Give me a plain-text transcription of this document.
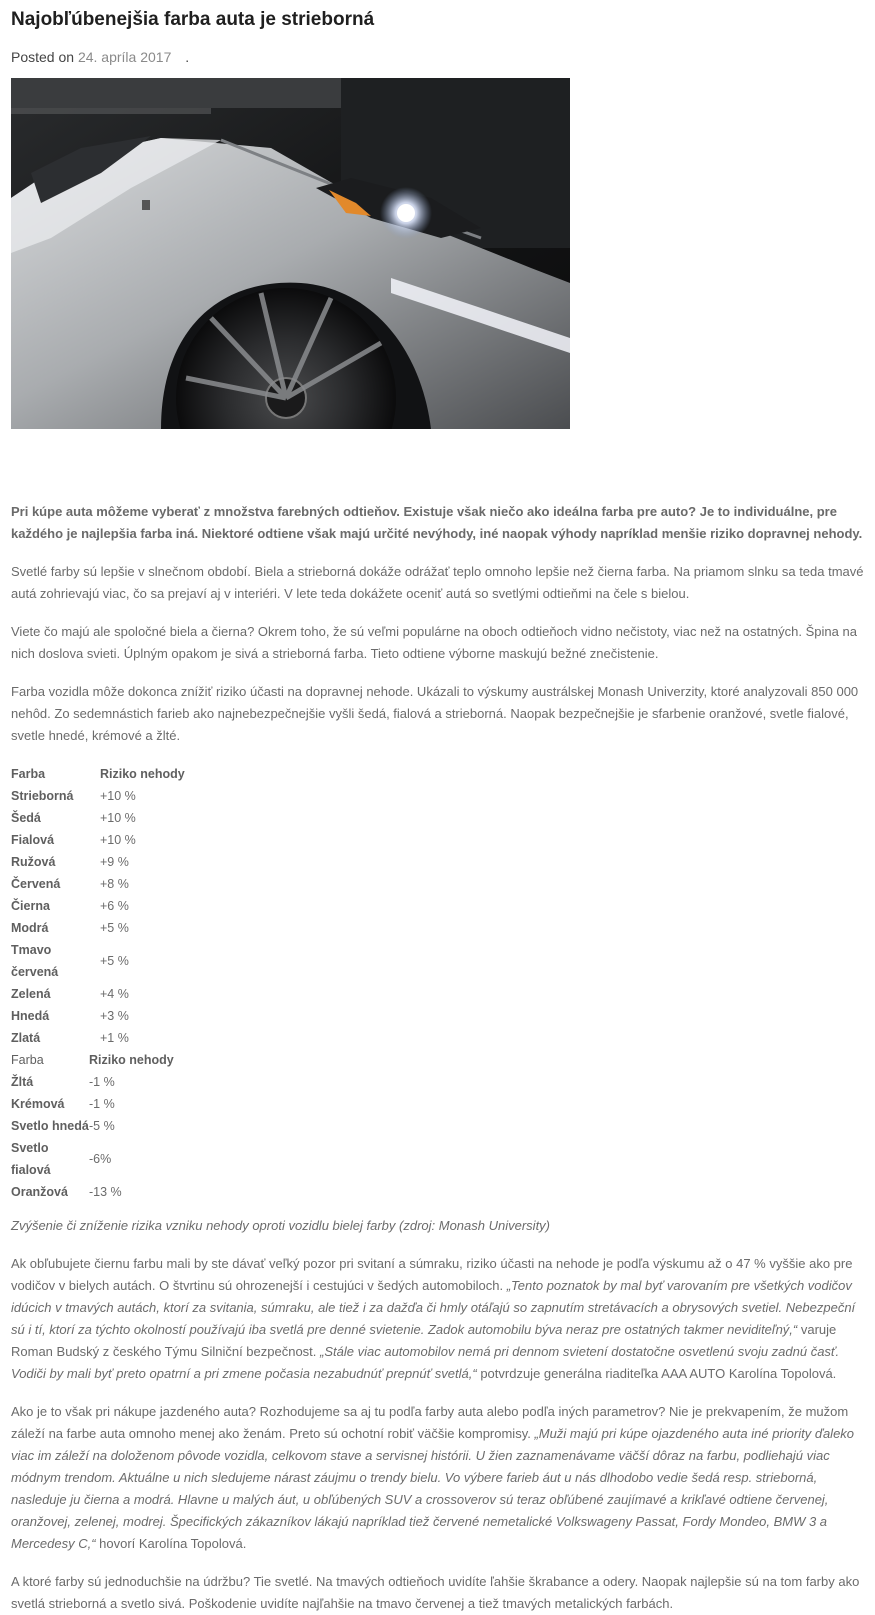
Najobľúbenejšia farba auta je strieborná
Posted on 24. apríla 2017 .

Pri kúpe auta môžeme vyberať z množstva farebných odtieňov. Existuje však niečo ako ideálna farba pre auto? Je to individuálne, pre každého je najlepšia farba iná. Niektoré odtiene však majú určité nevýhody, iné naopak výhody napríklad menšie riziko dopravnej nehody.

Svetlé farby sú lepšie v slnečnom období. Biela a strieborná dokáže odrážať teplo omnoho lepšie než čierna farba. Na priamom slnku sa teda tmavé autá zohrievajú viac, čo sa prejaví aj v interiéri. V lete teda dokážete oceniť autá so svetlými odtieňmi na čele s bielou.

Viete čo majú ale spoločné biela a čierna? Okrem toho, že sú veľmi populárne na oboch odtieňoch vidno nečistoty, viac než na ostatných. Špina na nich doslova svieti. Úplným opakom je sivá a strieborná farba. Tieto odtiene výborne maskujú bežné znečistenie.

Farba vozidla môže dokonca znížiť riziko účasti na dopravnej nehode. Ukázali to výskumy austrálskej Monash Univerzity, ktoré analyzovali 850 000 nehôd. Zo sedemnástich farieb ako najnebezpečnejšie vyšli šedá, fialová a strieborná. Naopak bezpečnejšie je sfarbenie oranžové, svetle fialové, svetle hnedé, krémové a žlté.

Farba	Riziko nehody
Strieborná	+10 %
Šedá	+10 %
Fialová	+10 %
Ružová	+9 %
Červená	+8 %
Čierna	+6 %
Modrá	+5 %
Tmavo červená	+5 %
Zelená	+4 %
Hnedá	+3 %
Zlatá	+1 %
Farba	Riziko nehody
Žltá	-1 %
Krémová	-1 %
Svetlo hnedá	-5 %
Svetlo fialová	-6%
Oranžová	-13 %

Zvýšenie či zníženie rizika vzniku nehody oproti vozidlu bielej farby (zdroj: Monash University)

Ak obľubujete čiernu farbu mali by ste dávať veľký pozor pri svitaní a súmraku, riziko účasti na nehode je podľa výskumu až o 47 % vyššie ako pre vodičov v bielych autách. O štvrtinu sú ohrozenejší i cestujúci v šedých automobiloch. „Tento poznatok by mal byť varovaním pre všetkých vodičov idúcich v tmavých autách, ktorí za svitania, súmraku, ale tiež i za dažďa či hmly otáľajú so zapnutím stretávacích a obrysových svetiel. Nebezpeční sú i tí, ktorí za týchto okolností používajú iba svetlá pre denné svietenie. Zadok automobilu býva neraz pre ostatných takmer neviditeľný,“ varuje Roman Budský z českého Týmu Silniční bezpečnost. „Stále viac automobilov nemá pri dennom svietení dostatočne osvetlenú svoju zadnú časť. Vodiči by mali byť preto opatrní a pri zmene počasia nezabudnúť prepnúť svetlá,“ potvrdzuje generálna riaditeľka AAA AUTO Karolína Topolová.

Ako je to však pri nákupe jazdeného auta? Rozhodujeme sa aj tu podľa farby auta alebo podľa iných parametrov? Nie je prekvapením, že mužom záleží na farbe auta omnoho menej ako ženám. Preto sú ochotní robiť väčšie kompromisy. „Muži majú pri kúpe ojazdeného auta iné priority ďaleko viac im záleží na doloženom pôvode vozidla, celkovom stave a servisnej histórii. U žien zaznamenávame väčší dôraz na farbu, podliehajú viac módnym trendom. Aktuálne u nich sledujeme nárast záujmu o trendy bielu. Vo výbere farieb áut u nás dlhodobo vedie šedá resp. strieborná, nasleduje ju čierna a modrá. Hlavne u malých áut, u obľúbených SUV a crossoverov sú teraz obľúbené zaujímavé a krikľavé odtiene červenej, oranžovej, zelenej, modrej. Špecifických zákazníkov lákajú napríklad tiež červené nemetalické Volkswageny Passat, Fordy Mondeo, BMW 3 a Mercedesy C,“ hovorí Karolína Topolová.

A ktoré farby sú jednoduchšie na údržbu? Tie svetlé. Na tmavých odtieňoch uvidíte ľahšie škrabance a odery. Naopak najlepšie sú na tom farby ako svetlá strieborná a svetlo sivá. Poškodenie uvidíte najľahšie na tmavo červenej a tiež tmavých metalických farbách.
